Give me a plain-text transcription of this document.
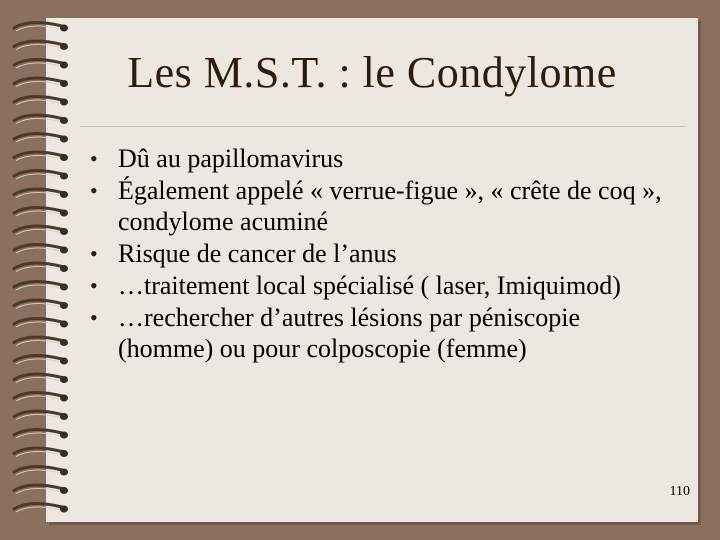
Les M.S.T. : le Condylome
• Dû au papillomavirus
• Également appelé « verrue-figue », « crête de coq », condylome acuminé
• Risque de cancer de l’anus
• …traitement local spécialisé ( laser, Imiquimod)
• …rechercher d’autres lésions par péniscopie (homme) ou pour colposcopie (femme)
110
